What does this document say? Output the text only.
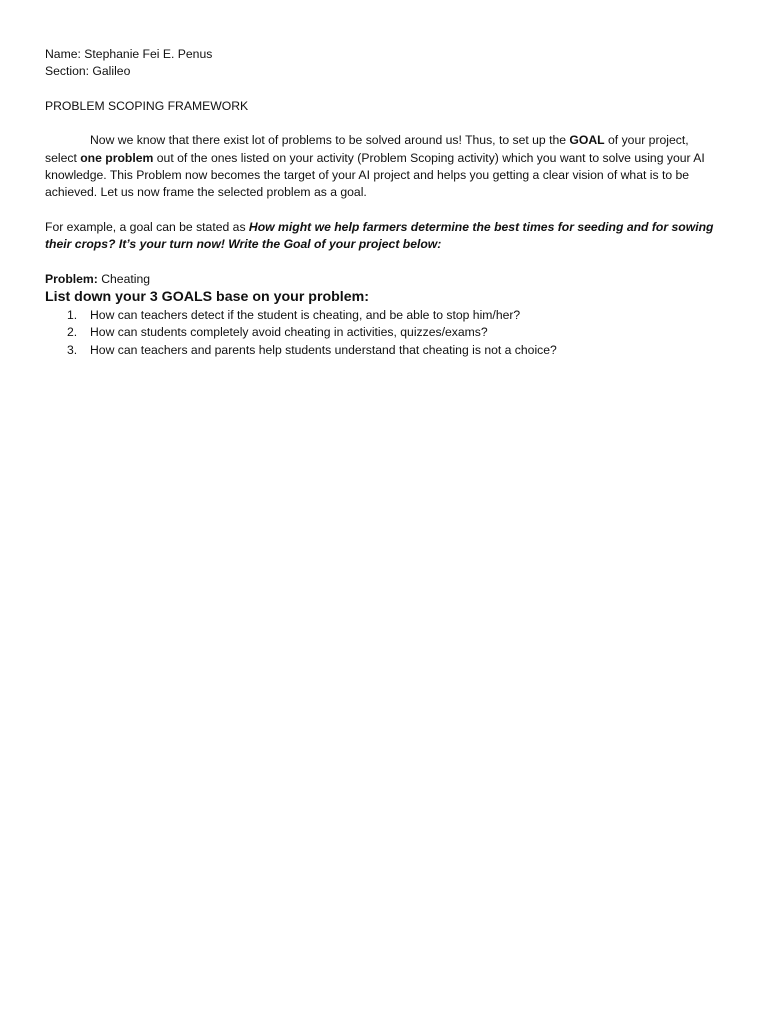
Name: Stephanie Fei E. Penus

Section: Galileo

PROBLEM SCOPING FRAMEWORK

Now we know that there exist lot of problems to be solved around us! Thus, to set up the GOAL of your project, select one problem out of the ones listed on your activity (Problem Scoping activity) which you want to solve using your AI knowledge. This Problem now becomes the target of your AI project and helps you getting a clear vision of what is to be achieved. Let us now frame the selected problem as a goal.

For example, a goal can be stated as How might we help farmers determine the best times for seeding and for sowing their crops? It’s your turn now! Write the Goal of your project below:

Problem: Cheating

List down your 3 GOALS base on your problem:

1. How can teachers detect if the student is cheating, and be able to stop him/her?
2. How can students completely avoid cheating in activities, quizzes/exams?
3. How can teachers and parents help students understand that cheating is not a choice?
